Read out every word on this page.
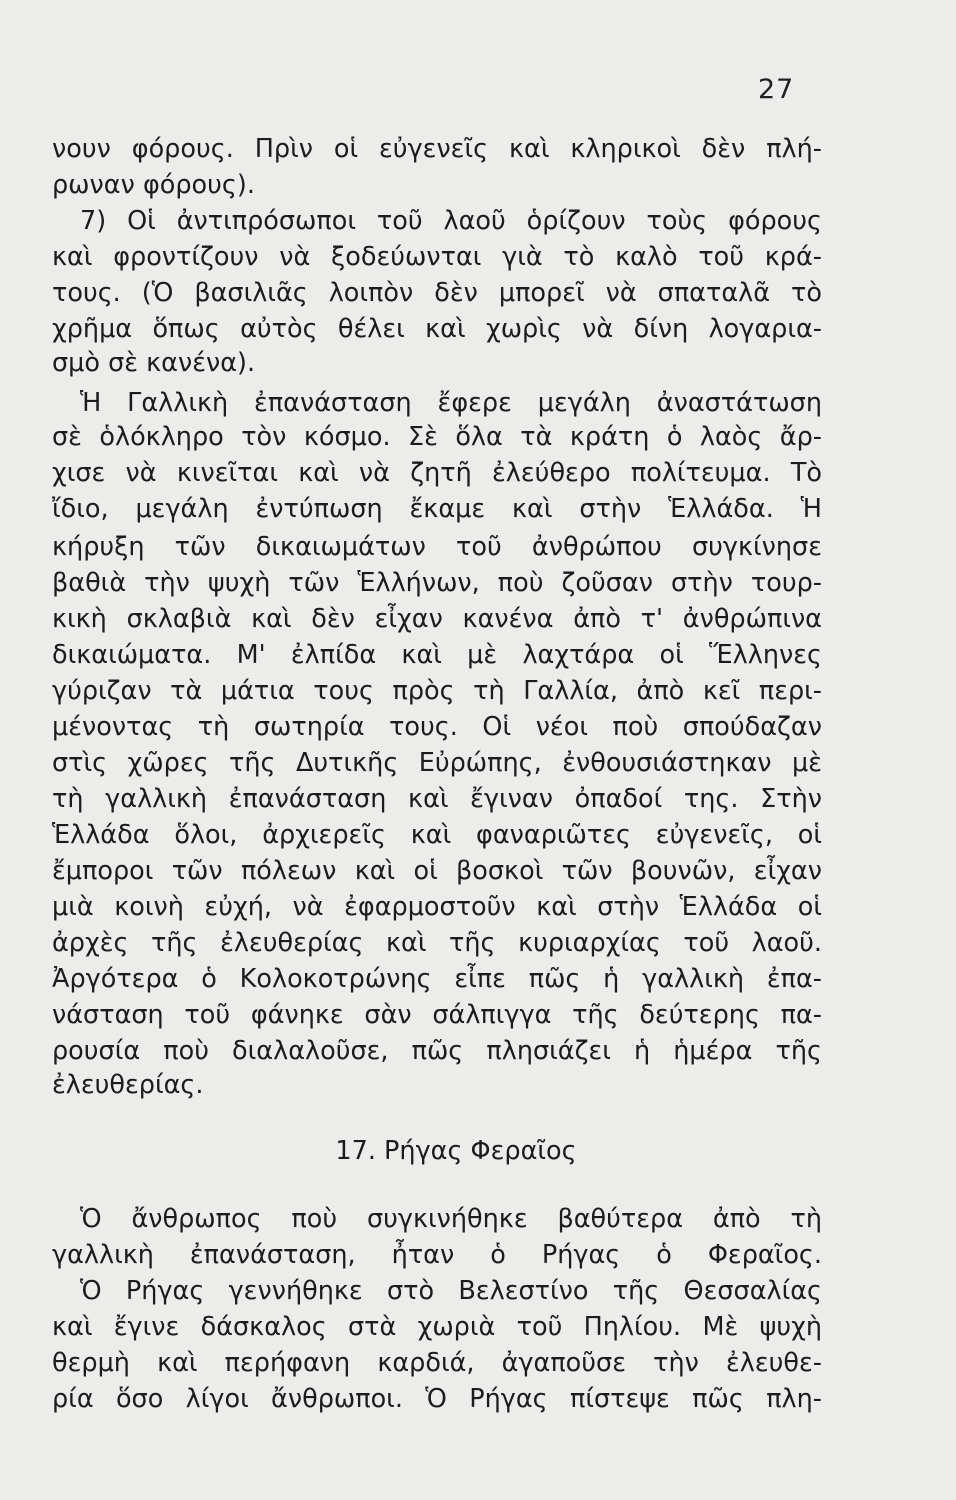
27
νουν φόρους. Πρὶν οἱ εὐγενεῖς καὶ κληρικοὶ δὲν πλή-
ρωναν φόρους).
7) Οἱ ἀντιπρόσωποι τοῦ λαοῦ ὁρίζουν τοὺς φόρους
καὶ φροντίζουν νὰ ξοδεύωνται γιὰ τὸ καλὸ τοῦ κρά-
τους. (Ὁ βασιλιᾶς λοιπὸν δὲν μπορεῖ νὰ σπαταλᾶ τὸ
χρῆμα ὅπως αὐτὸς θέλει καὶ χωρὶς νὰ δίνη λογαρια-
σμὸ σὲ κανένα).
Ἡ Γαλλικὴ ἐπανάσταση ἔφερε μεγάλη ἀναστάτωση
σὲ ὁλόκληρο τὸν κόσμο. Σὲ ὅλα τὰ κράτη ὁ λαὸς ἄρ-
χισε νὰ κινεῖται καὶ νὰ ζητῆ ἐλεύθερο πολίτευμα. Τὸ
ἴδιο, μεγάλη ἐντύπωση ἔκαμε καὶ στὴν Ἑλλάδα. Ἡ
κήρυξη τῶν δικαιωμάτων τοῦ ἀνθρώπου συγκίνησε
βαθιὰ τὴν ψυχὴ τῶν Ἑλλήνων, ποὺ ζοῦσαν στὴν τουρ-
κικὴ σκλαβιὰ καὶ δὲν εἶχαν κανένα ἀπὸ τ' ἀνθρώπινα
δικαιώματα. Μ' ἐλπίδα καὶ μὲ λαχτάρα οἱ Ἕλληνες
γύριζαν τὰ μάτια τους πρὸς τὴ Γαλλία, ἀπὸ κεῖ περι-
μένοντας τὴ σωτηρία τους. Οἱ νέοι ποὺ σπούδαζαν
στὶς χῶρες τῆς Δυτικῆς Εὐρώπης, ἐνθουσιάστηκαν μὲ
τὴ γαλλικὴ ἐπανάσταση καὶ ἔγιναν ὀπαδοί της. Στὴν
Ἑλλάδα ὅλοι, ἀρχιερεῖς καὶ φαναριῶτες εὐγενεῖς, οἱ
ἔμποροι τῶν πόλεων καὶ οἱ βοσκοὶ τῶν βουνῶν, εἶχαν
μιὰ κοινὴ εὐχή, νὰ ἐφαρμοστοῦν καὶ στὴν Ἑλλάδα οἱ
ἀρχὲς τῆς ἐλευθερίας καὶ τῆς κυριαρχίας τοῦ λαοῦ.
Ἀργότερα ὁ Κολοκοτρώνης εἶπε πῶς ἡ γαλλικὴ ἐπα-
νάσταση τοῦ φάνηκε σὰν σάλπιγγα τῆς δεύτερης πα-
ρουσία ποὺ διαλαλοῦσε, πῶς πλησιάζει ἡ ἡμέρα τῆς
ἐλευθερίας.
17. Ρήγας Φεραῖος
Ὁ ἄνθρωπος ποὺ συγκινήθηκε βαθύτερα ἀπὸ τὴ
γαλλικὴ ἐπανάσταση, ἦταν ὁ Ρήγας ὁ Φεραῖος.
Ὁ Ρήγας γεννήθηκε στὸ Βελεστίνο τῆς Θεσσαλίας
καὶ ἔγινε δάσκαλος στὰ χωριὰ τοῦ Πηλίου. Μὲ ψυχὴ
θερμὴ καὶ περήφανη καρδιά, ἀγαποῦσε τὴν ἐλευθε-
ρία ὅσο λίγοι ἄνθρωποι. Ὁ Ρήγας πίστεψε πῶς πλη-
